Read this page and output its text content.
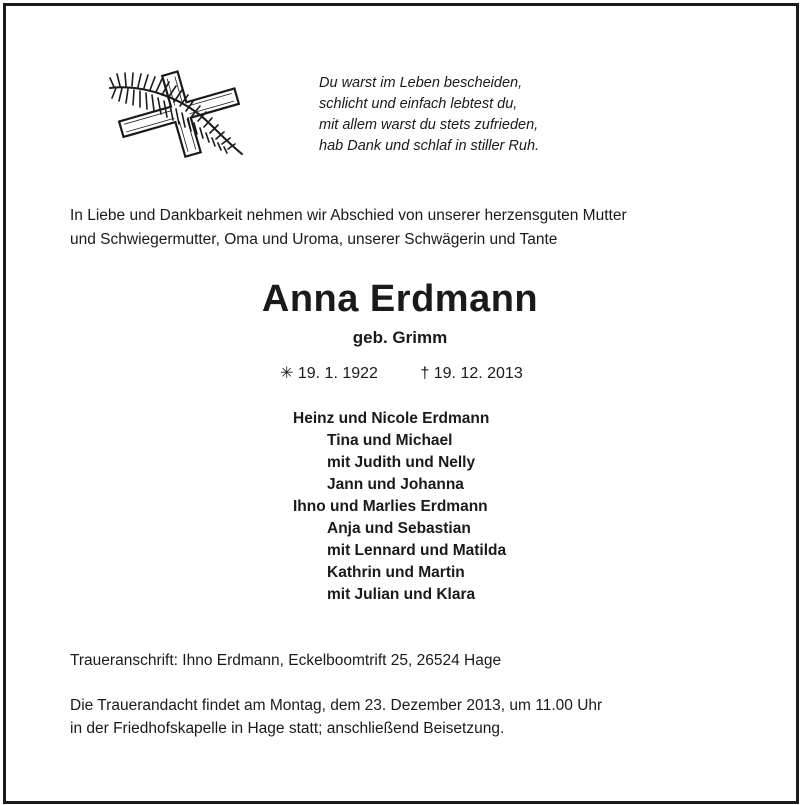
Du warst im Leben bescheiden,
schlicht und einfach lebtest du,
mit allem warst du stets zufrieden,
hab Dank und schlaf in stiller Ruh.
In Liebe und Dankbarkeit nehmen wir Abschied von unserer herzensguten Mutter
und Schwiegermutter, Oma und Uroma, unserer Schwägerin und Tante
Anna Erdmann
geb. Grimm
✳ 19. 1. 1922	† 19. 12. 2013
Heinz und Nicole Erdmann
Tina und Michael
mit Judith und Nelly
Jann und Johanna
Ihno und Marlies Erdmann
Anja und Sebastian
mit Lennard und Matilda
Kathrin und Martin
mit Julian und Klara
Traueranschrift: Ihno Erdmann, Eckelboomtrift 25, 26524 Hage
Die Trauerandacht findet am Montag, dem 23. Dezember 2013, um 11.00 Uhr
in der Friedhofskapelle in Hage statt; anschließend Beisetzung.
